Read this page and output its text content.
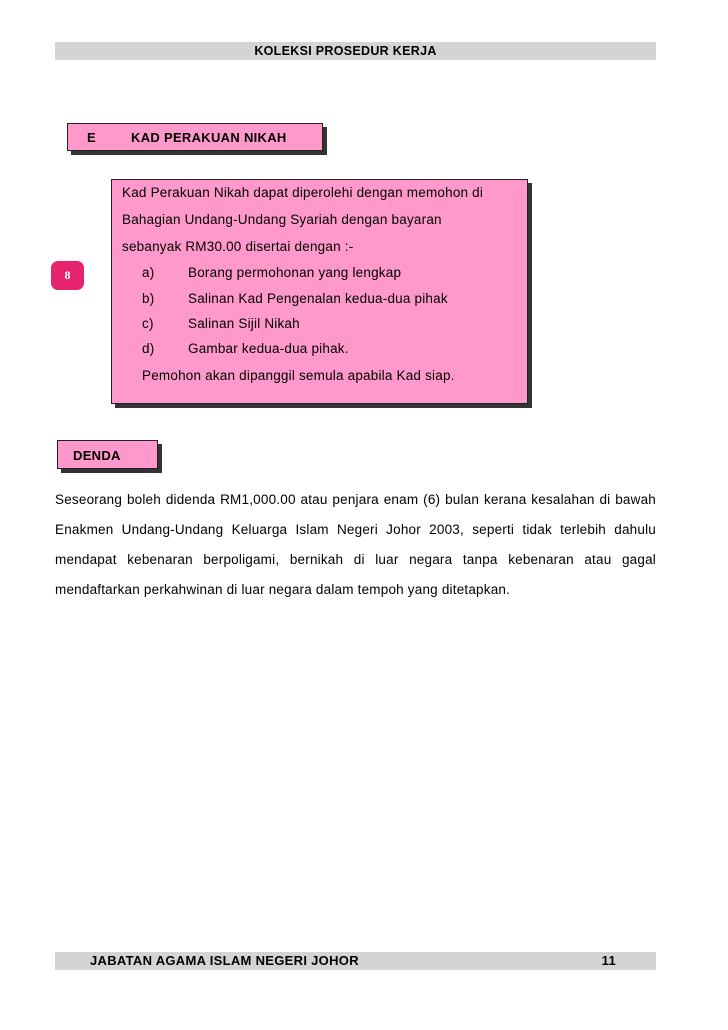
KOLEKSI PROSEDUR KERJA
E	KAD PERAKUAN NIKAH
8
Kad Perakuan Nikah dapat diperolehi dengan memohon di
Bahagian Undang-Undang Syariah dengan bayaran
sebanyak RM30.00 disertai dengan :-
a) Borang permohonan yang lengkap
b) Salinan Kad Pengenalan kedua-dua pihak
c)	Salinan Sijil Nikah
d) Gambar kedua-dua pihak.
Pemohon akan dipanggil semula apabila Kad siap.
DENDA

Seseorang boleh didenda RM1,000.00 atau penjara enam (6) bulan kerana kesalahan di bawah Enakmen Undang-Undang Keluarga Islam Negeri Johor 2003, seperti tidak terlebih dahulu mendapat kebenaran berpoligami, bernikah di luar negara tanpa kebenaran atau gagal mendaftarkan perkahwinan di luar negara dalam tempoh yang ditetapkan.

JABATAN AGAMA ISLAM NEGERI JOHOR	11
